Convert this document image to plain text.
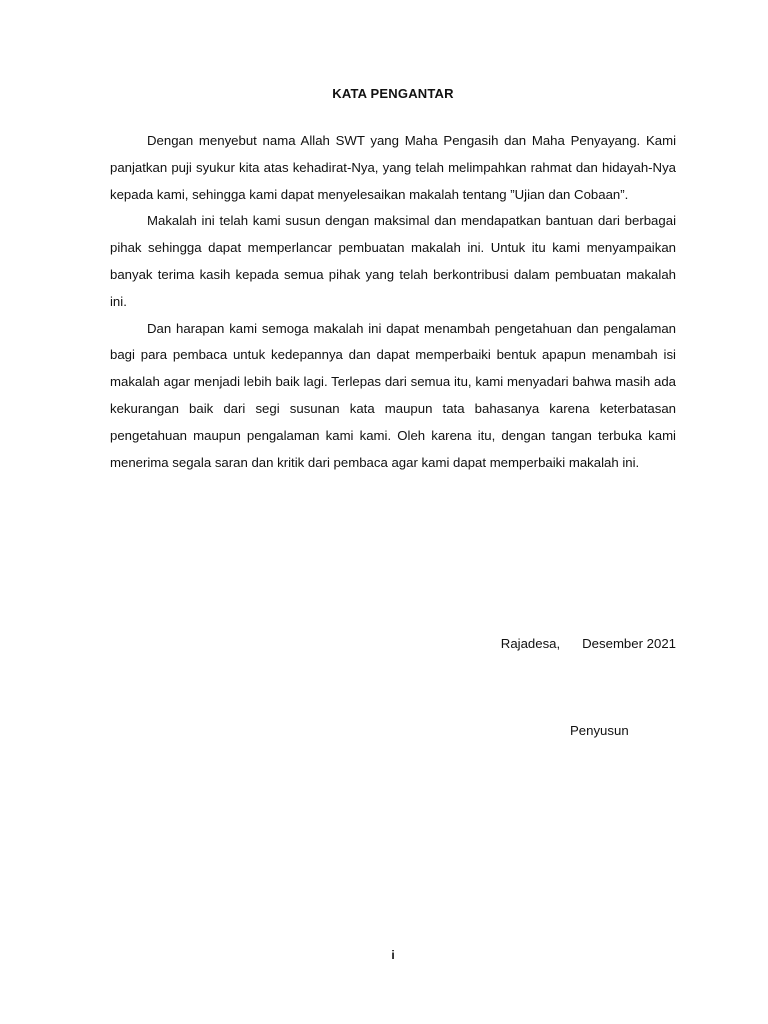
KATA PENGANTAR

Dengan menyebut nama Allah SWT yang Maha Pengasih dan Maha Penyayang. Kami panjatkan puji syukur kita atas kehadirat-Nya, yang telah melimpahkan rahmat dan hidayah-Nya kepada kami, sehingga kami dapat menyelesaikan makalah tentang ”Ujian dan Cobaan”.

Makalah ini telah kami susun dengan maksimal dan mendapatkan bantuan dari berbagai pihak sehingga dapat memperlancar pembuatan makalah ini. Untuk itu kami menyampaikan banyak terima kasih kepada semua pihak yang telah berkontribusi dalam pembuatan makalah ini.

Dan harapan kami semoga makalah ini dapat menambah pengetahuan dan pengalaman bagi para pembaca untuk kedepannya dan dapat memperbaiki bentuk apapun menambah isi makalah agar menjadi lebih baik lagi. Terlepas dari semua itu, kami menyadari bahwa masih ada kekurangan baik dari segi susunan kata maupun tata bahasanya karena keterbatasan pengetahuan maupun pengalaman kami kami. Oleh karena itu, dengan tangan terbuka kami menerima segala saran dan kritik dari pembaca agar kami dapat memperbaiki makalah ini.

Rajadesa,      Desember 2021
Penyusun
i
